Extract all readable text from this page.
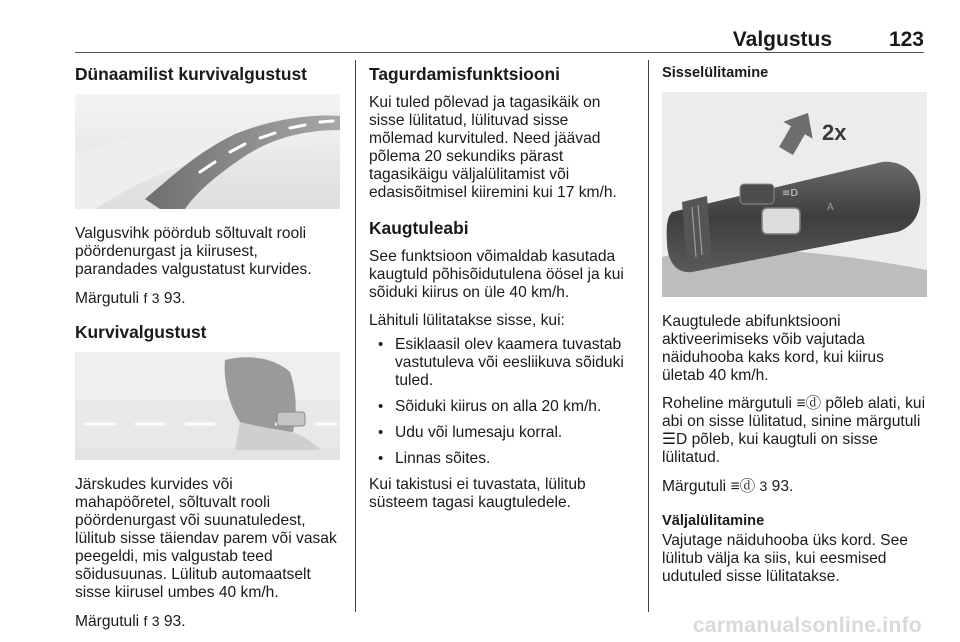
Valgustus	123
Dünaamilist kurvivalgustust

Valgusvihk pöördub sõltuvalt rooli
pöördenurgast ja kiirusest,
parandades valgustatust kurvides.

Märgutuli f 3 93.

Kurvivalgustust

Järskudes kurvides või
mahapöõretel, sõltuvalt rooli
pöördenurgast või suunatuledest,
lülitub sisse täiendav parem või vasak
peegeldi, mis valgustab teed
sõidusuunas. Lülitub automaatselt
sisse kiirusel umbes 40 km/h.

Märgutuli f 3 93.

Tagurdamisfunktsiooni

Kui tuled põlevad ja tagasikäik on
sisse lülitatud, lülituvad sisse
mõlemad kurvituled. Need jäävad
põlema 20 sekundiks pärast
tagasikäigu väljalülitamist või
edasisõitmisel kiiremini kui 17 km/h.

Kaugtuleabi

See funktsioon võimaldab kasutada
kaugtuld põhisõidutulena öösel ja kui
sõiduki kiirus on üle 40 km/h.

Lähituli lülitatakse sisse, kui:

• Esiklaasil olev kaamera tuvastab vastutuleva või eesliikuva sõiduki tuled.
• Sõiduki kiirus on alla 20 km/h.
• Udu või lumesaju korral.
• Linnas sõites.

Kui takistusi ei tuvastata, lülitub
süsteem tagasi kaugtuledele.

Sisselülitamine
≡D
A
2x

Kaugtulede abifunktsiooni
aktiveerimiseks võib vajutada
näiduhooba kaks kord, kui kiirus
ületab 40 km/h.

Roheline märgutuli ≡ⓓ põleb alati, kui
abi on sisse lülitatud, sinine märgutuli
☰D põleb, kui kaugtuli on sisse
lülitatud.

Märgutuli ≡ⓓ 3 93.

Väljalülitamine

Vajutage näiduhooba üks kord. See
lülitub välja ka siis, kui eesmised
udutuled sisse lülitatakse.

carmanualsonline.info
